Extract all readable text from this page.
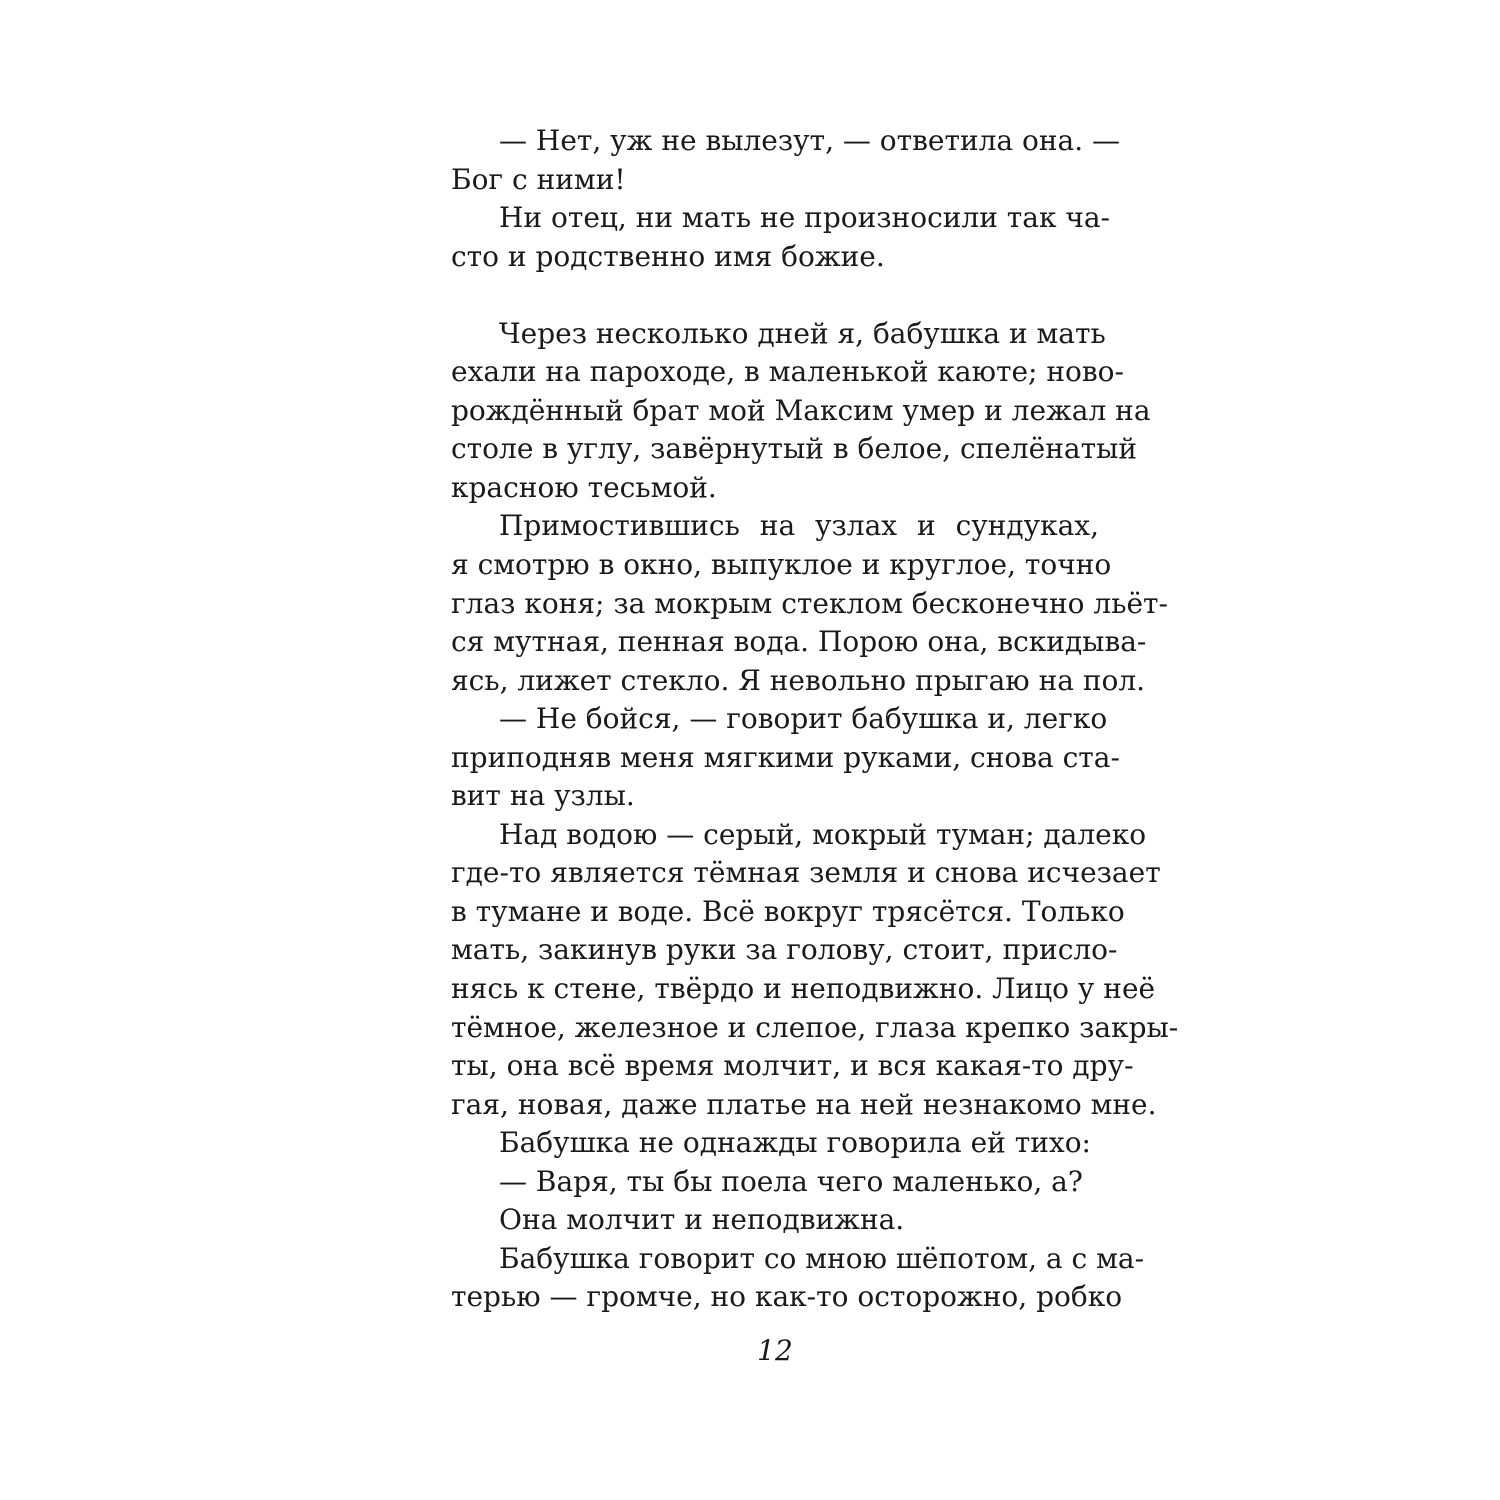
— Нет, уж не вылезут, — ответила она. —
Бог с ними!
Ни отец, ни мать не произносили так ча-
сто и родственно имя божие.
Через несколько дней я, бабушка и мать
ехали на пароходе, в маленькой каюте; ново-
рождённый брат мой Максим умер и лежал на
столе в углу, завёрнутый в белое, спелёнатый
красною тесьмой.
Примостившись на узлах и сундуках,
я смотрю в окно, выпуклое и круглое, точно
глаз коня; за мокрым стеклом бесконечно льёт-
ся мутная, пенная вода. Порою она, вскидыва-
ясь, лижет стекло. Я невольно прыгаю на пол.
— Не бойся, — говорит бабушка и, легко
приподняв меня мягкими руками, снова ста-
вит на узлы.
Над водою — серый, мокрый туман; далеко
где-то является тёмная земля и снова исчезает
в тумане и воде. Всё вокруг трясётся. Только
мать, закинув руки за голову, стоит, присло-
нясь к стене, твёрдо и неподвижно. Лицо у неё
тёмное, железное и слепое, глаза крепко закры-
ты, она всё время молчит, и вся какая-то дру-
гая, новая, даже платье на ней незнакомо мне.
Бабушка не однажды говорила ей тихо:
— Варя, ты бы поела чего маленько, а?
Она молчит и неподвижна.
Бабушка говорит со мною шёпотом, а с ма-
терью — громче, но как-то осторожно, робко
12
